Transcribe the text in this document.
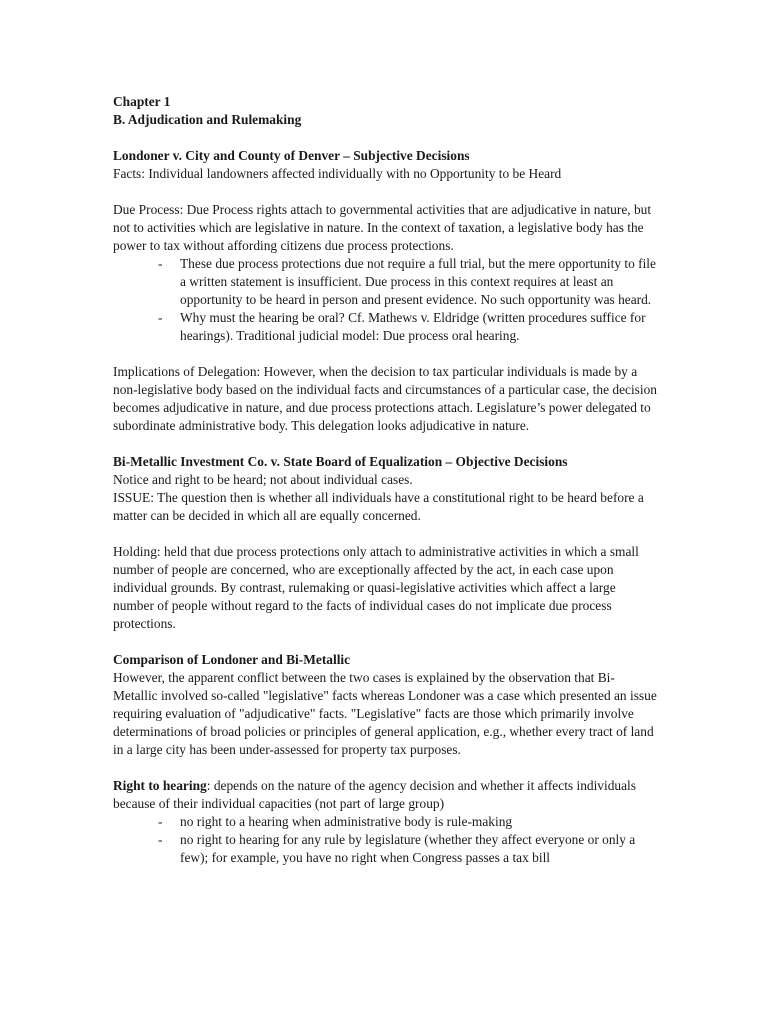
Chapter 1

B. Adjudication and Rulemaking

Londoner v. City and County of Denver – Subjective Decisions

Facts: Individual landowners affected individually with no Opportunity to be Heard

Due Process: Due Process rights attach to governmental activities that are adjudicative in nature, but not to activities which are legislative in nature. In the context of taxation, a legislative body has the power to tax without affording citizens due process protections.

- These due process protections due not require a full trial, but the mere opportunity to file a written statement is insufficient. Due process in this context requires at least an opportunity to be heard in person and present evidence. No such opportunity was heard.
- Why must the hearing be oral? Cf. Mathews v. Eldridge (written procedures suffice for hearings). Traditional judicial model: Due process oral hearing.

Implications of Delegation: However, when the decision to tax particular individuals is made by a non-legislative body based on the individual facts and circumstances of a particular case, the decision becomes adjudicative in nature, and due process protections attach. Legislature’s power delegated to subordinate administrative body. This delegation looks adjudicative in nature.

Bi-Metallic Investment Co. v. State Board of Equalization – Objective Decisions

Notice and right to be heard; not about individual cases.

ISSUE: The question then is whether all individuals have a constitutional right to be heard before a matter can be decided in which all are equally concerned.

Holding: held that due process protections only attach to administrative activities in which a small number of people are concerned, who are exceptionally affected by the act, in each case upon individual grounds. By contrast, rulemaking or quasi-legislative activities which affect a large number of people without regard to the facts of individual cases do not implicate due process protections.

Comparison of Londoner and Bi-Metallic

However, the apparent conflict between the two cases is explained by the observation that Bi-Metallic involved so-called "legislative" facts whereas Londoner was a case which presented an issue requiring evaluation of "adjudicative" facts. "Legislative" facts are those which primarily involve determinations of broad policies or principles of general application, e.g., whether every tract of land in a large city has been under-assessed for property tax purposes.

Right to hearing: depends on the nature of the agency decision and whether it affects individuals because of their individual capacities (not part of large group)

- no right to a hearing when administrative body is rule-making
- no right to hearing for any rule by legislature (whether they affect everyone or only a few); for example, you have no right when Congress passes a tax bill
